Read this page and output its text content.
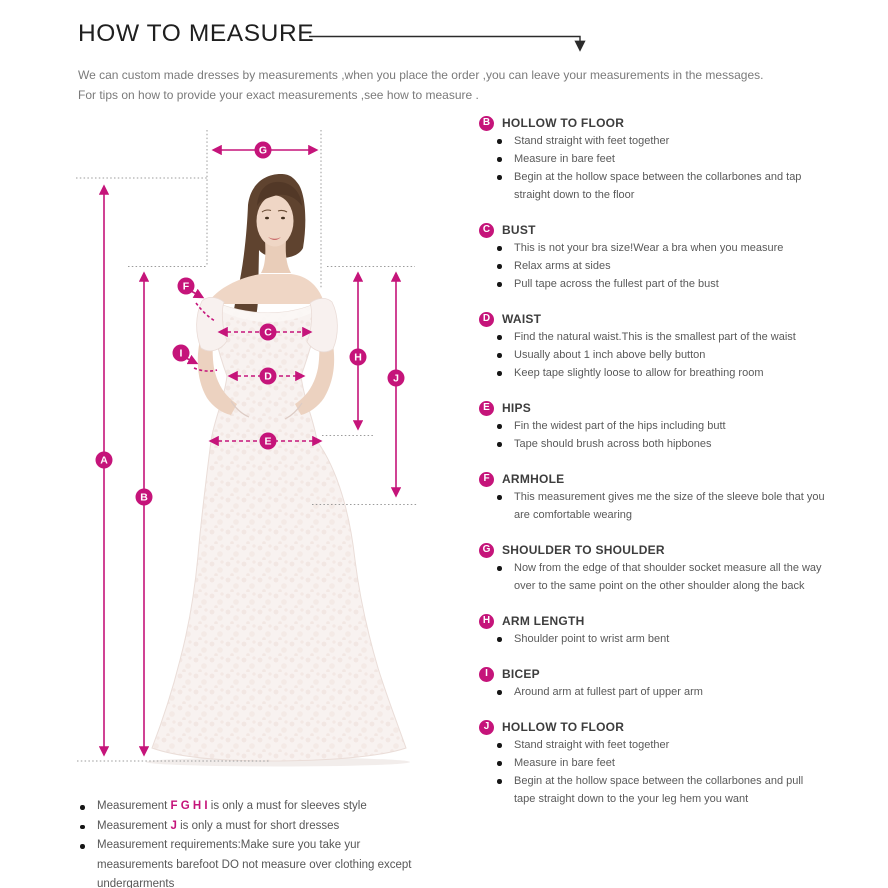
A
B
C
D
E
F
G
H
I
J
HOW TO MEASURE

We can custom made dresses by measurements ,when you place the order ,you can leave your measurements in the messages.

For tips on how to provide your exact measurements ,see how to measure .

B HOLLOW TO FLOOR
Stand straight with feet together
Measure in bare feet
Begin at the hollow space between the collarbones and tap straight down to the floor
C BUST
This is not your bra size!Wear a bra when you measure
Relax arms at sides
Pull tape across the fullest part of the bust
D WAIST
Find the natural waist.This is the smallest part of the waist
Usually about 1 inch above belly button
Keep tape slightly loose to allow for breathing room
E	HIPS
Fin the widest part of the hips including butt
Tape should brush across both hipbones
F	ARMHOLE
This measurement gives me the size of the sleeve bole that you are comfortable wearing
G SHOULDER TO SHOULDER
Now from the edge of that shoulder socket measure all the way over to the same point on the other shoulder along the back
H ARM LENGTH
Shoulder point to wrist arm bent
I	BICEP
Around arm at fullest part of upper arm
J	HOLLOW TO FLOOR
Stand straight with feet together
Measure in bare feet
Begin at the hollow space between the collarbones and pull tape straight down to the your leg hem you want
Measurement F G H I is only a must for sleeves style
Measurement J is only a must for short dresses
Measurement requirements:Make sure you take yur measurements barefoot DO not measure over clothing except undergarments
